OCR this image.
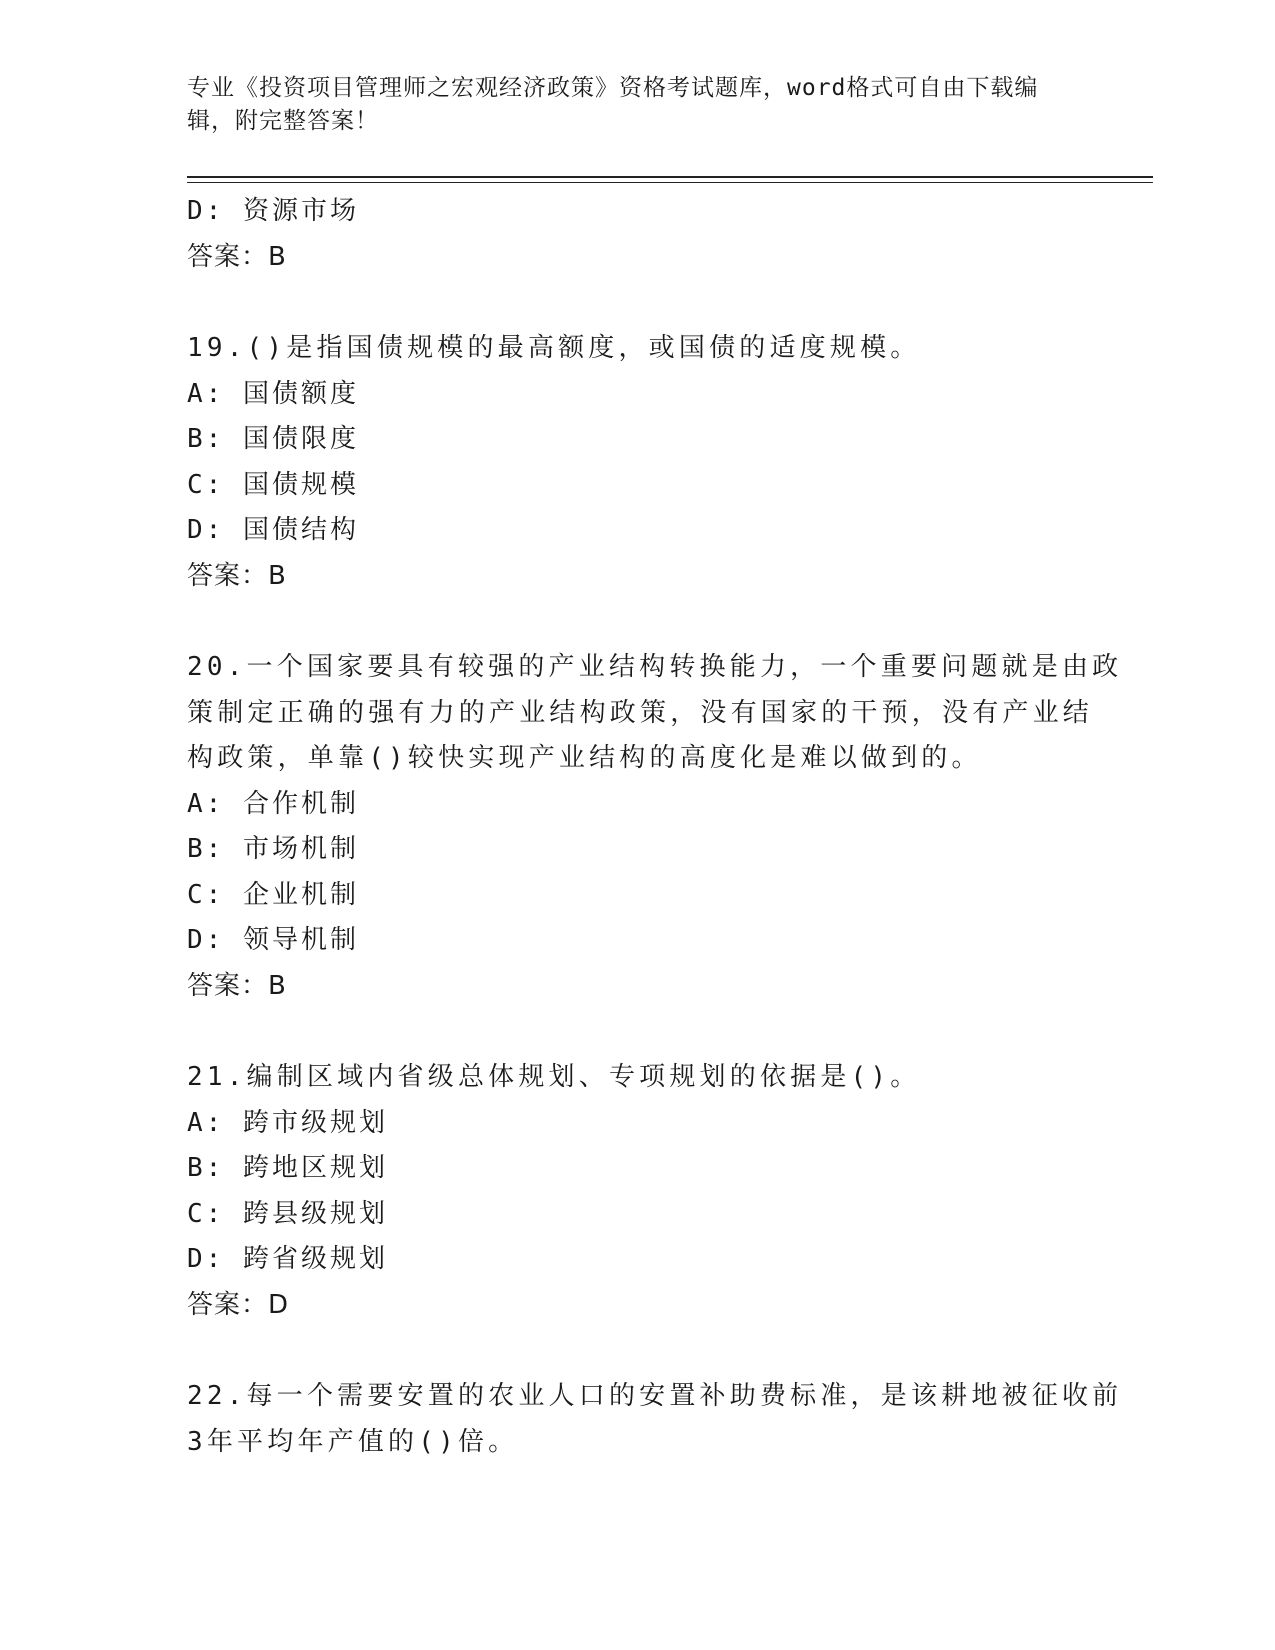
专业《投资项目管理师之宏观经济政策》资格考试题库，word格式可自由下载编
辑，附完整答案！
D: 资源市场
答案：B
19.()是指国债规模的最高额度，或国债的适度规模。
A: 国债额度
B: 国债限度
C: 国债规模
D: 国债结构
答案：B
20.一个国家要具有较强的产业结构转换能力，一个重要问题就是由政
策制定正确的强有力的产业结构政策，没有国家的干预，没有产业结
构政策，单靠()较快实现产业结构的高度化是难以做到的。
A: 合作机制
B: 市场机制
C: 企业机制
D: 领导机制
答案：B
21.编制区域内省级总体规划、专项规划的依据是()。
A: 跨市级规划
B: 跨地区规划
C: 跨县级规划
D: 跨省级规划
答案：D
22.每一个需要安置的农业人口的安置补助费标准，是该耕地被征收前
3年平均年产值的()倍。
